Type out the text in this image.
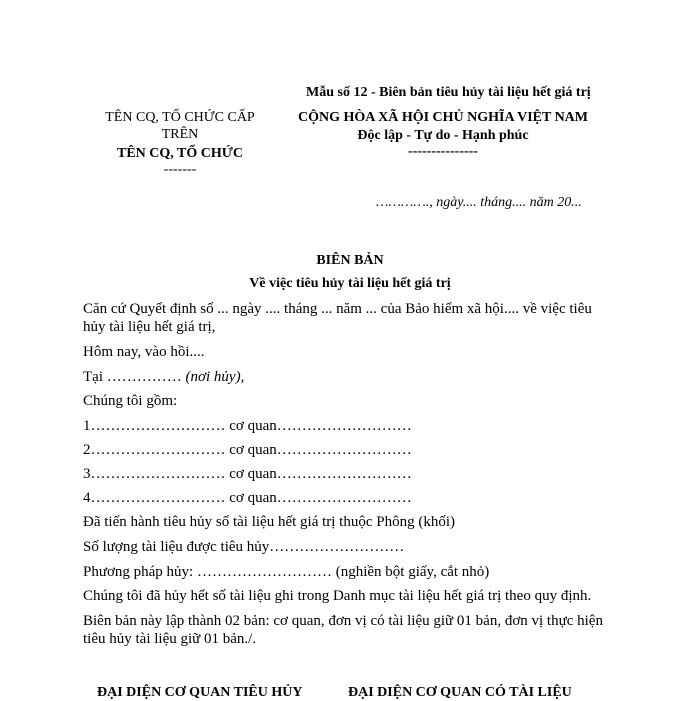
Mẫu số 12 - Biên bản tiêu hủy tài liệu hết giá trị
TÊN CQ, TỔ CHỨC CẤP
TRÊN
TÊN CQ, TỔ CHỨC
-------
CỘNG HÒA XÃ HỘI CHỦ NGHĨA VIỆT NAM
Độc lập - Tự do - Hạnh phúc
---------------
…………., ngày.... tháng.... năm 20...
BIÊN BẢN
Về việc tiêu hủy tài liệu hết giá trị
Căn cứ Quyết định số ... ngày .... tháng ... năm ... của Bảo hiểm xã hội.... về việc tiêu
hủy tài liệu hết giá trị,
Hôm nay, vào hồi....
Tại …………… (nơi hủy),
Chúng tôi gồm:
1……………………… cơ quan………………………
2……………………… cơ quan………………………
3……………………… cơ quan………………………
4……………………… cơ quan………………………
Đã tiến hành tiêu hủy số tài liệu hết giá trị thuộc Phông (khối)
Số lượng tài liệu được tiêu hủy………………………
Phương pháp hủy: ……………………… (nghiền bột giấy, cắt nhỏ)
Chúng tôi đã hủy hết số tài liệu ghi trong Danh mục tài liệu hết giá trị theo quy định.
Biên bản này lập thành 02 bản: cơ quan, đơn vị có tài liệu giữ 01 bản, đơn vị thực hiện
tiêu hủy tài liệu giữ 01 bản./.
ĐẠI DIỆN CƠ QUAN TIÊU HỦY	ĐẠI DIỆN CƠ QUAN CÓ TÀI LIỆU
